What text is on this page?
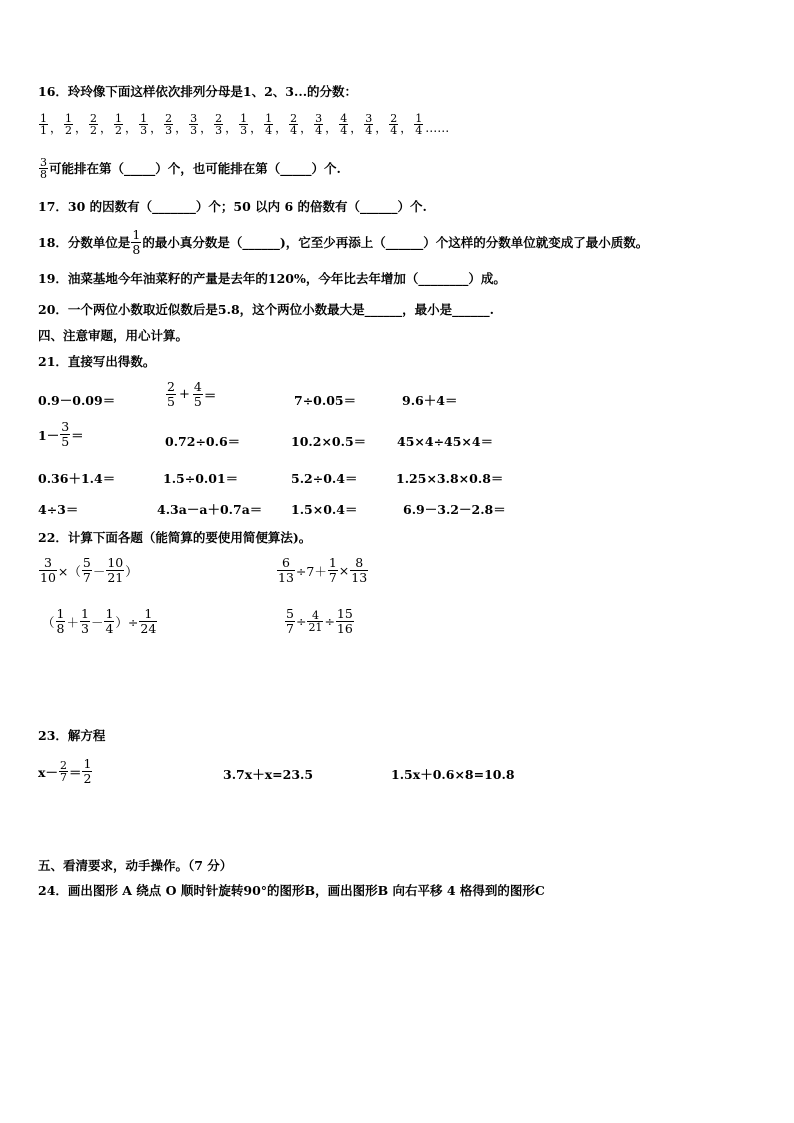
16．玲玲像下面这样依次排列分母是1、2、3...的分数：
$\frac{1}{1}$ ， $\frac{1}{2}$ ， $\frac{2}{2}$ ， $\frac{1}{2}$ ， $\frac{1}{3}$ ， $\frac{2}{3}$ ， $\frac{3}{3}$ ， $\frac{2}{3}$ ， $\frac{1}{3}$ ， $\frac{1}{4}$ ， $\frac{2}{4}$ ， $\frac{3}{4}$ ， $\frac{4}{4}$ ， $\frac{3}{4}$ ， $\frac{2}{4}$ ， $\frac{1}{4}$ ……
$\frac{3}{8}$ 可能排在第（_____）个，也可能排在第（_____）个.
17．30 的因数有（_______）个；50 以内 6 的倍数有（______）个.
18．分数单位是 $\frac{1}{8}$ 的最小真分数是（______)，它至少再添上（______）个这样的分数单位就变成了最小质数。
19．油菜基地今年油菜籽的产量是去年的120%，今年比去年增加（________）成。
20．一个两位小数取近似数后是5.8，这个两位小数最大是______，最小是______.
四、注意审题，用心计算。
21．直接写出得数。
0.9－0.09＝	$\frac{2}{5} + \frac{4}{5}$ ＝	7÷0.05＝	9.6＋4＝
$1- \frac{3}{5}$ ＝	0.72÷0.6＝	10.2×0.5＝ 45×4÷45×4＝
0.36＋1.4＝	1.5÷0.01＝	5.2÷0.4＝	1.25×3.8×0.8＝
4÷3＝	4.3a－a＋0.7a＝ 1.5×0.4＝	6.9－3.2－2.8＝
22．计算下面各题（能简算的要使用简便算法)。
$\frac{3}{10}$ ×（ $\frac{5}{7} - \frac{10}{21}$ ）	$\frac{6}{13} \div 7+ \frac{1}{7} \times \frac{8}{13}$
（ $\frac{1}{8} + \frac{1}{3} - \frac{1}{4}$ ）÷ $\frac{1}{24}$	$\frac{5}{7} \div \frac{4}{21} \div \frac{15}{16}$
23．解方程
$x- \frac{2}{7} = \frac{1}{2}$	3.7x＋x=23.5	1.5x＋0.6×8=10.8
五、看清要求，动手操作。（7 分）
24．画出图形 A 绕点 O 顺时针旋转90°的图形B，画出图形B 向右平移 4 格得到的图形C
